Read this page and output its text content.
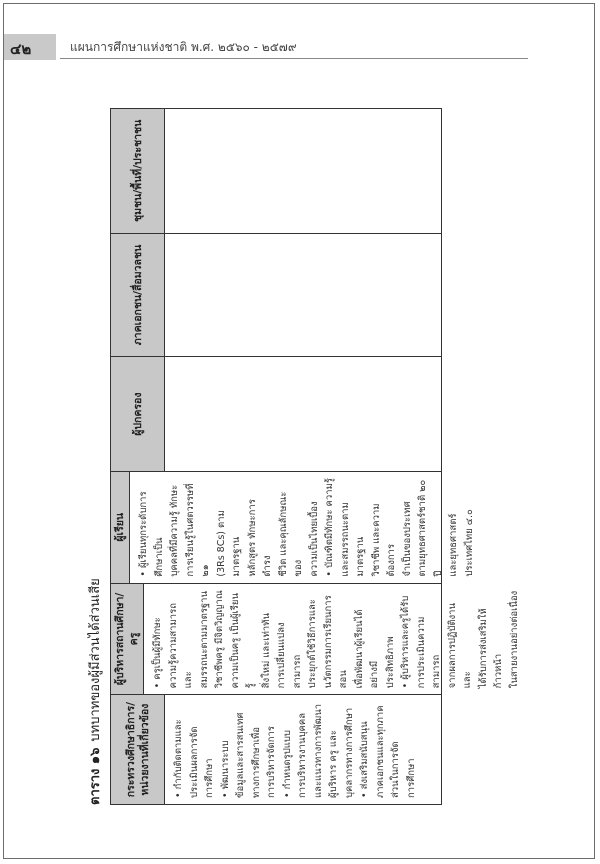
๔๒	แผนการศึกษาแห่งชาติ พ.ศ. ๒๕๖๐ - ๒๕๗๙
ตาราง ๑๖บทบาทของผู้มีส่วนได้ส่วนเสีย
กระทรวงศึกษาธิการ/ หน่วยงานที่เกี่ยวข้อง • กำกับติดตามและ ประเมินผลการจัด การศึกษา • พัฒนาระบบ ข้อมูลและสารสนเทศ ทางการศึกษาเพื่อ การบริหารจัดการ • กำหนดรูปแบบ การบริหารงานบุคคล และแนวทางการพัฒนา ผู้บริหาร ครู และ บุคลากรทางการศึกษา • ส่งเสริมสนับสนุน ภาคเอกชนและทุกภาค ส่วนในการจัด การศึกษา

ผู้บริหารสถานศึกษา/ครู • ครูเป็นผู้มีทักษะ ความรู้ความสามารถและ สมรรถนะตามมาตรฐาน วิชาชีพครู มีจิตวิญญาณ ความเป็นครู เป็นผู้เรียนรู้ สิ่งใหม่ และเท่าทัน การเปลี่ยนแปลง สามารถ ประยุกต์ใช้วิธีการและ นวัตกรรมการเรียนการสอน เพื่อพัฒนาผู้เรียนได้อย่างมี ประสิทธิภาพ • ผู้บริหารและครูได้รับ การประเมินความสามารถ จากผลการปฏิบัติงาน และ ได้รับการส่งเสริมให้ก้าวหน้า ในสายงานอย่างต่อเนื่อง

ผู้เรียน • ผู้เรียนทุกระดับการศึกษาเป็น บุคคลที่มีความรู้ ทักษะ การเรียนรู้ในศตวรรษที่ ๒๑ (3Rs 8Cs) ตามมาตรฐาน หลักสูตร ทักษะการดำรง ชีวิต และคุณลักษณะของ ความเป็นไทยเบื้อง • บัณฑิตมีทักษะ ความรู้ และสมรรถนะตามมาตรฐาน วิชาชีพ และความต้องการ จำเป็นของประเทศ ตามยุทธศาสตร์ชาติ ๒๐ ปี และยุทธศาสตร์ ประเทศไทย ๔.๐

ผู้ปกครอง
ภาคเอกชน/สื่อมวลชน
ชุมชน/พื้นที่/ประชาชน
